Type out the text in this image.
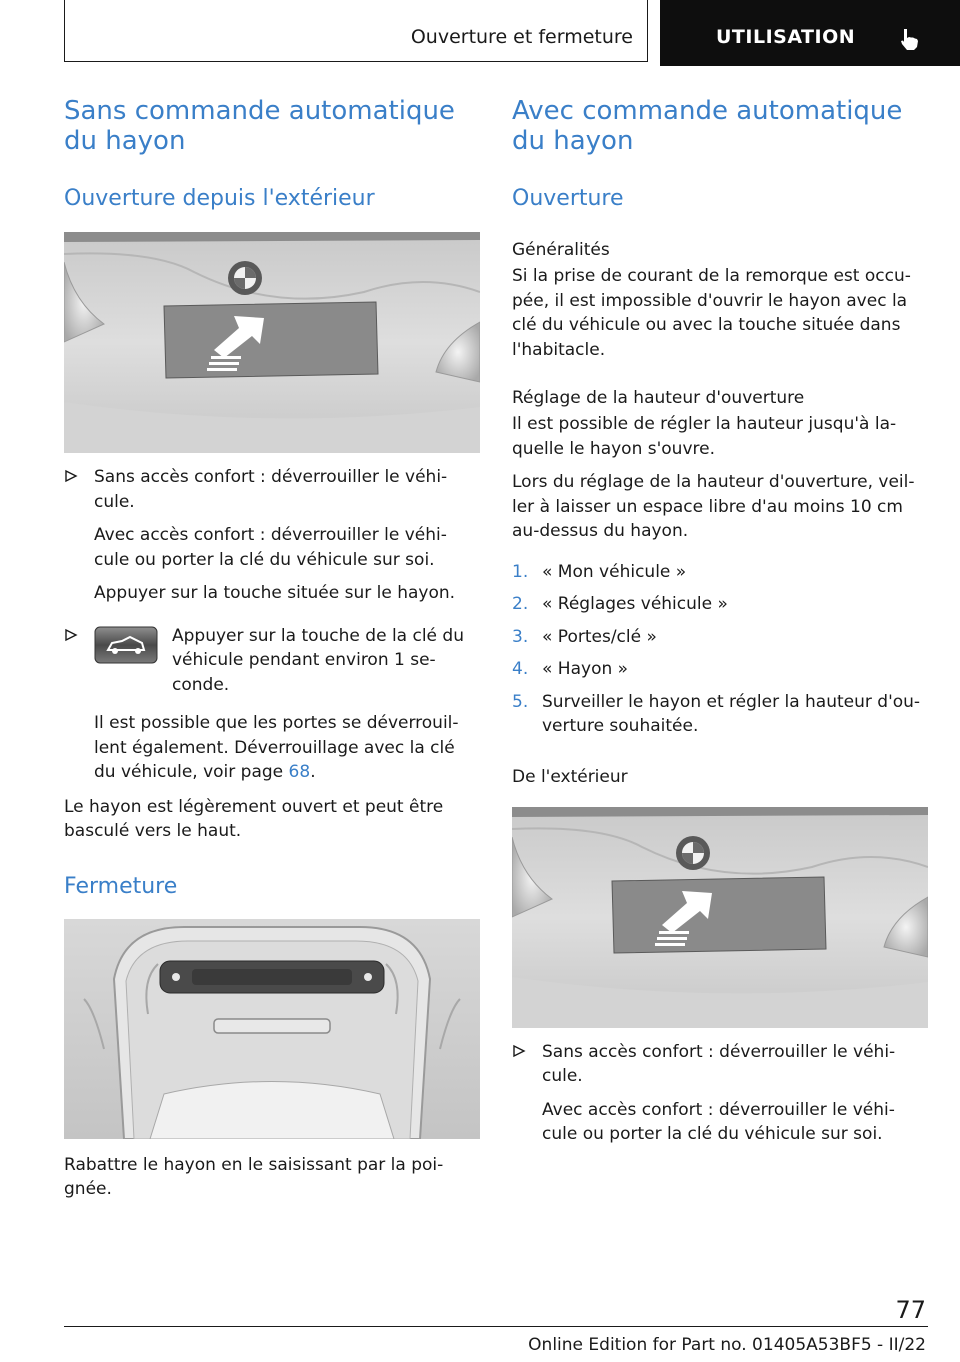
Ouverture et fermeture	UTILISATION
Sans commande automatique du hayon
Ouverture depuis l'extérieur

Sans accès confort : déverrouiller le véhi-cule.

Avec accès confort : déverrouiller le véhi-cule ou porter la clé du véhicule sur soi.

Appuyer sur la touche située sur le hayon.

Appuyer sur la touche de la clé du véhicule pendant environ 1 se-conde.

Il est possible que les portes se déverrouil-lent également. Déverrouillage avec la clé du véhicule, voir page 68.

Le hayon est légèrement ouvert et peut être basculé vers le haut.

Fermeture

Rabattre le hayon en le saisissant par la poi-gnée.

Avec commande automatique du hayon
Ouverture
Généralités

Si la prise de courant de la remorque est occu-pée, il est impossible d'ouvrir le hayon avec la clé du véhicule ou avec la touche située dans l'habitacle.

Réglage de la hauteur d'ouverture

Il est possible de régler la hauteur jusqu'à la-quelle le hayon s'ouvre.

Lors du réglage de la hauteur d'ouverture, veil-ler à laisser un espace libre d'au moins 10 cm au-dessus du hayon.

1. « Mon véhicule »

2. « Réglages véhicule »

3. « Portes/clé »

4. « Hayon »

5. Surveiller le hayon et régler la hauteur d'ou-verture souhaitée.

De l'extérieur

Sans accès confort : déverrouiller le véhi-cule.

Avec accès confort : déverrouiller le véhi-cule ou porter la clé du véhicule sur soi.

77
Online Edition for Part no. 01405A53BF5 - II/22
